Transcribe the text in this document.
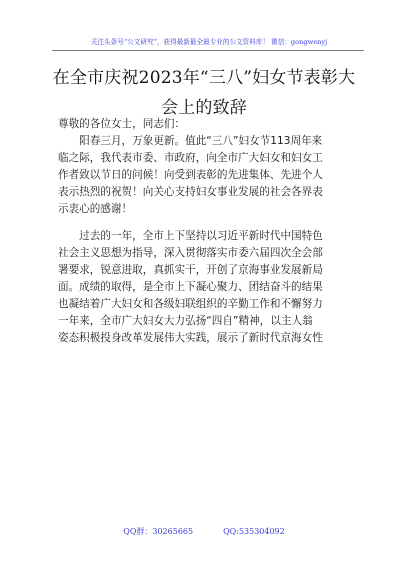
关注头条号“公文研究”，获得最新最全最专业的公文资料库！ 微信：gongwenyj
在全市庆祝2023年“三八”妇女节表彰大
会上的致辞
尊敬的各位女士，同志们：
　　阳春三月，万象更新。值此“三八”妇女节113周年来
临之际，我代表市委、市政府，向全市广大妇女和妇女工
作者致以节日的问候！向受到表彰的先进集体、先进个人
表示热烈的祝贺！向关心支持妇女事业发展的社会各界表
示衷心的感谢！
　　过去的一年，全市上下坚持以习近平新时代中国特色
社会主义思想为指导，深入贯彻落实市委六届四次全会部
署要求，锐意进取，真抓实干，开创了京海事业发展新局
面。成绩的取得，是全市上下凝心聚力、团结奋斗的结果
也凝结着广大妇女和各级妇联组织的辛勤工作和不懈努力
一年来，全市广大妇女大力弘扬“四自”精神，以主人翁
姿态积极投身改革发展伟大实践，展示了新时代京海女性
QQ群：30265665	QQ:535304092
